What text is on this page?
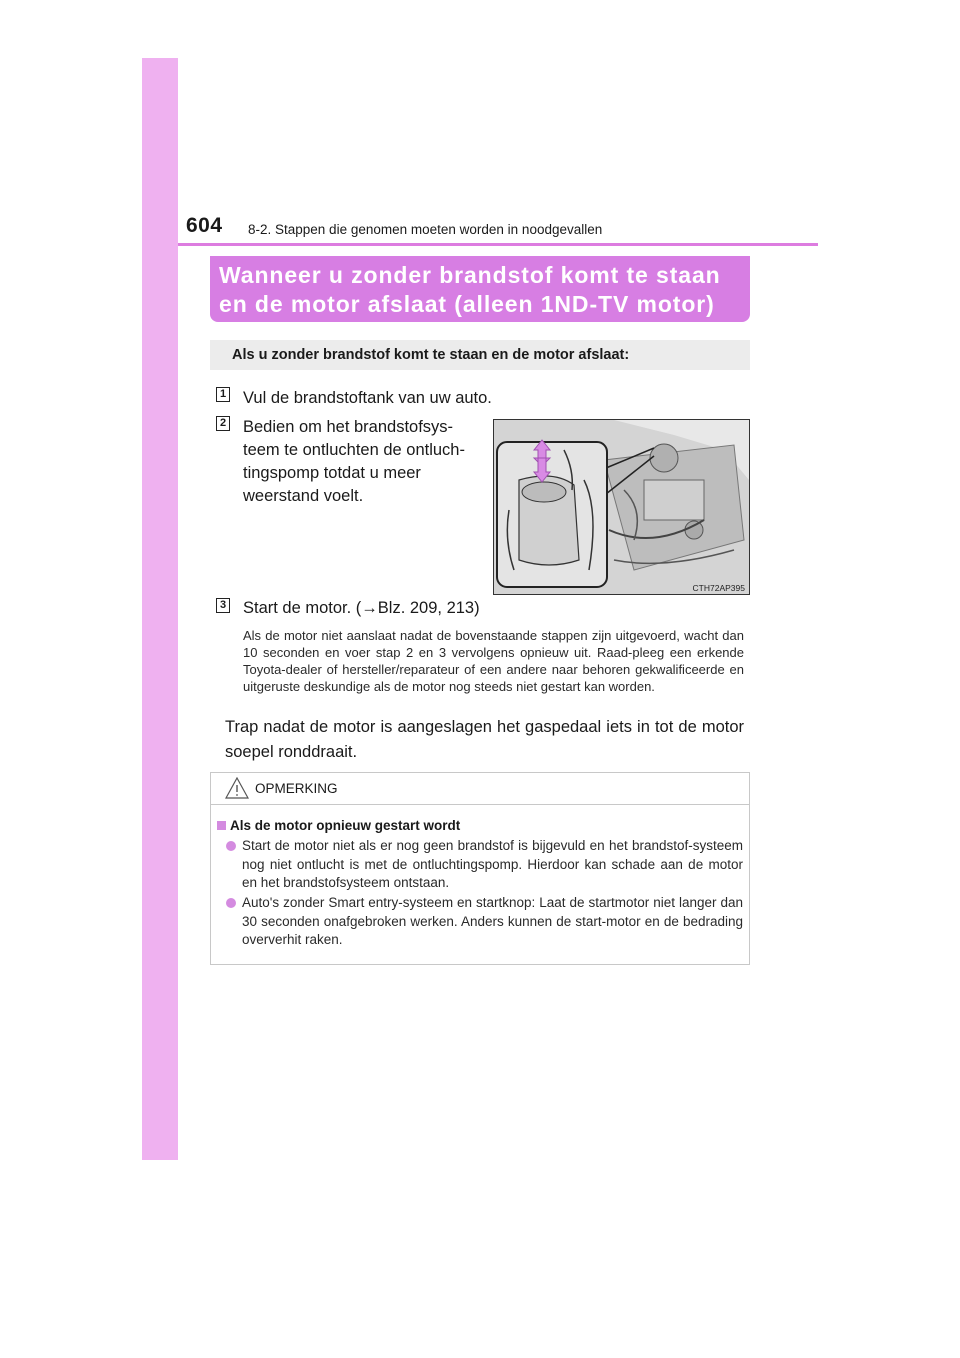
604 8-2. Stappen die genomen moeten worden in noodgevallen
Wanneer u zonder brandstof komt te staan
en de motor afslaat (alleen 1ND-TV motor)
Als u zonder brandstof komt te staan en de motor afslaat:
1 Vul de brandstoftank van uw auto.
2 Bedien om het brandstofsys-
teem te ontluchten de ontluch-
tingspomp totdat u meer
weerstand voelt.
CTH72AP395
3 Start de motor. (→Blz. 209, 213)
Als de motor niet aanslaat nadat de bovenstaande stappen zijn uitgevoerd, wacht dan 10 seconden en voer stap 2 en 3 vervolgens opnieuw uit. Raad-pleeg een erkende Toyota-dealer of hersteller/reparateur of een andere naar behoren gekwalificeerde en uitgeruste deskundige als de motor nog steeds niet gestart kan worden.
Trap nadat de motor is aangeslagen het gaspedaal iets in tot de motor soepel ronddraait.
OPMERKING
Als de motor opnieuw gestart wordt
Start de motor niet als er nog geen brandstof is bijgevuld en het brandstof-systeem nog niet ontlucht is met de ontluchtingspomp. Hierdoor kan schade aan de motor en het brandstofsysteem ontstaan.
Auto's zonder Smart entry-systeem en startknop: Laat de startmotor niet langer dan 30 seconden onafgebroken werken. Anders kunnen de start-motor en de bedrading oververhit raken.
